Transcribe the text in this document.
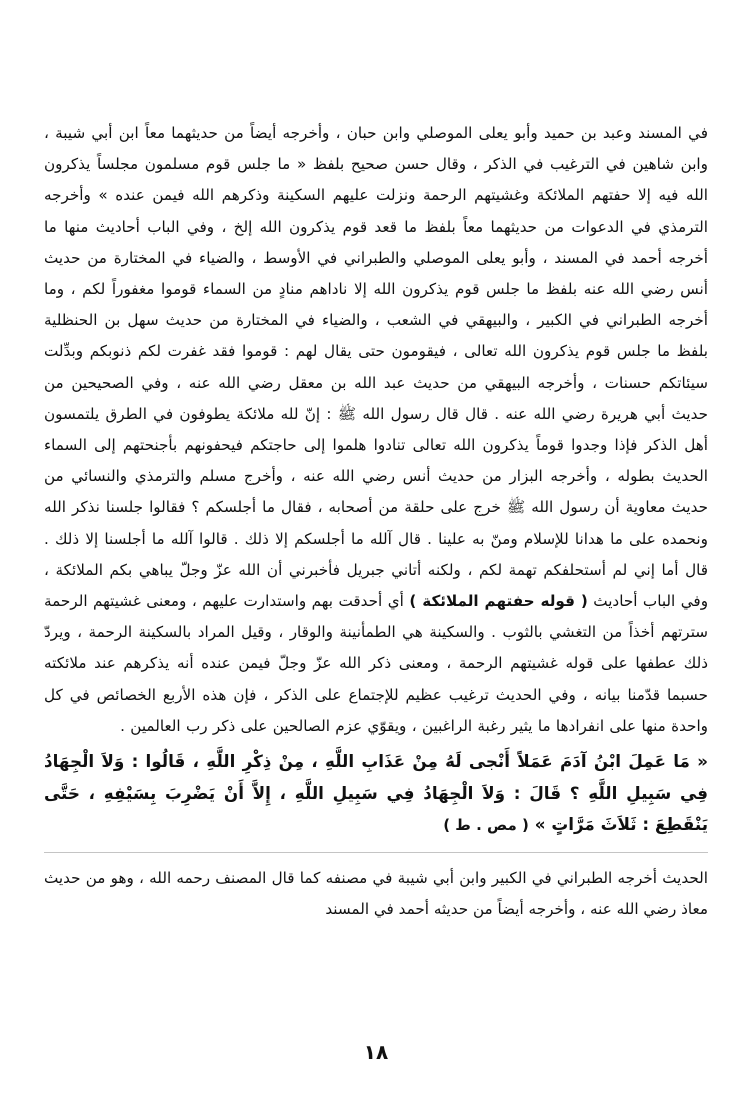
في المسند وعبد بن حميد وأبو يعلى الموصلي وابن حبان ، وأخرجه أيضاً من حديثهما معاً ابن أبي شيبة ، وابن شاهين في الترغيب في الذكر ، وقال حسن صحيح بلفظ « ما جلس قوم مسلمون مجلساً يذكرون الله فيه إلا حفتهم الملائكة وغشيتهم الرحمة ونزلت عليهم السكينة وذكرهم الله فيمن عنده » وأخرجه الترمذي في الدعوات من حديثهما معاً بلفظ ما قعد قوم يذكرون الله إلخ ، وفي الباب أحاديث منها ما أخرجه أحمد في المسند ، وأبو يعلى الموصلي والطبراني في الأوسط ، والضياء في المختارة من حديث أنس رضي الله عنه بلفظ ما جلس قوم يذكرون الله إلا ناداهم منادٍ من السماء قوموا مغفوراً لكم ، وما أخرجه الطبراني في الكبير ، والبيهقي في الشعب ، والضياء في المختارة من حديث سهل بن الحنظلية بلفظ ما جلس قوم يذكرون الله تعالى ، فيقومون حتى يقال لهم : قوموا فقد غفرت لكم ذنوبكم وبدِّلت سيئاتكم حسنات ، وأخرجه البيهقي من حديث عبد الله بن معقل رضي الله عنه ، وفي الصحيحين من حديث أبي هريرة رضي الله عنه . قال قال رسول الله ﷺ : إنّ لله ملائكة يطوفون في الطرق يلتمسون أهل الذكر فإذا وجدوا قوماً يذكرون الله تعالى تنادوا هلموا إلى حاجتكم فيحفونهم بأجنحتهم إلى السماء الحديث بطوله ، وأخرجه البزار من حديث أنس رضي الله عنه ، وأخرج مسلم والترمذي والنسائي من حديث معاوية أن رسول الله ﷺ خرج على حلقة من أصحابه ، فقال ما أجلسكم ؟ فقالوا جلسنا نذكر الله ونحمده على ما هدانا للإسلام ومنّ به علينا . قال آلله ما أجلسكم إلا ذلك . قالوا آلله ما أجلسنا إلا ذلك . قال أما إني لم أستحلفكم تهمة لكم ، ولكنه أتاني جبريل فأخبرني أن الله عزّ وجلّ يباهي بكم الملائكة ، وفي الباب أحاديث ( قوله حفتهم الملائكة ) أي أحدقت بهم واستدارت عليهم ، ومعنى غشيتهم الرحمة سترتهم أخذاً من التغشي بالثوب . والسكينة هي الطمأنينة والوقار ، وقيل المراد بالسكينة الرحمة ، ويردّ ذلك عطفها على قوله غشيتهم الرحمة ، ومعنى ذكر الله عزّ وجلّ فيمن عنده أنه يذكرهم عند ملائكته حسبما قدّمنا بيانه ، وفي الحديث ترغيب عظيم للإجتماع على الذكر ، فإن هذه الأربع الخصائص في كل واحدة منها على انفرادها ما يثير رغبة الراغبين ، ويقوّي عزم الصالحين على ذكر رب العالمين .

« مَا عَمِلَ ابْنُ آدَمَ عَمَلاً أَنْجى لَهُ مِنْ عَذَابِ اللَّهِ ، مِنْ ذِكْرِ اللَّهِ ، قَالُوا : وَلاَ الْجِهَادُ فِي سَبِيلِ اللَّهِ ؟ قَالَ : وَلاَ الْجِهَادُ فِي سَبِيلِ اللَّهِ ، إِلاَّ أَنْ يَضْرِبَ بِسَيْفِهِ ، حَتَّى يَنْقَطِعَ : ثَلاَثَ مَرَّاتٍ » ( مص . ط )

الحديث أخرجه الطبراني في الكبير وابن أبي شيبة في مصنفه كما قال المصنف رحمه الله ، وهو من حديث معاذ رضي الله عنه ، وأخرجه أيضاً من حديثه أحمد في المسند

١٨
